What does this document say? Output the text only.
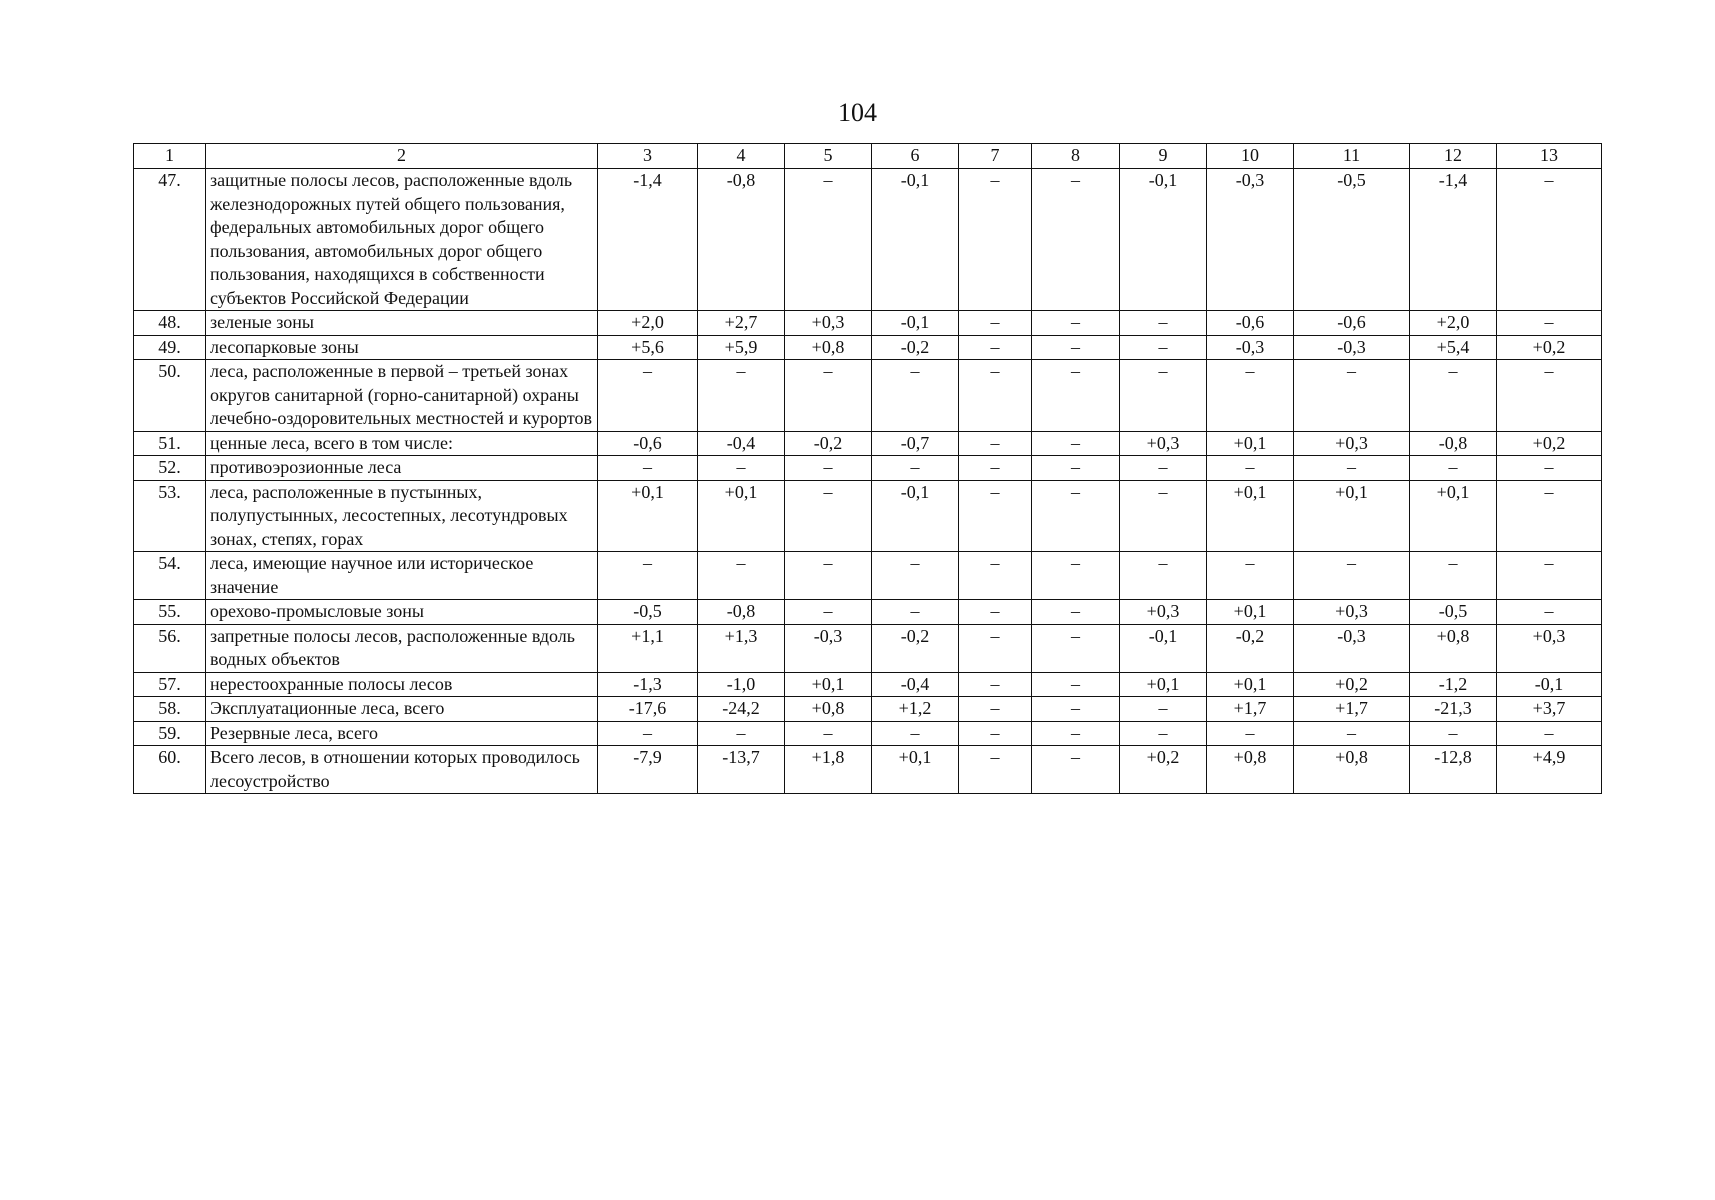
104
1	2	3	4	5	6	7	8	9	10	11	12	13
47.	защитные полосы лесов, расположенные вдоль железнодорожных путей общего пользования, федеральных автомобильных дорог общего пользования, автомобильных дорог общего пользования, находящихся в собственности субъектов Российской Федерации	-1,4	-0,8	–	-0,1	–	–	-0,1	-0,3	-0,5	-1,4	–
48.	зеленые зоны	+2,0	+2,7	+0,3	-0,1	–	–	–	-0,6	-0,6	+2,0	–
49.	лесопарковые зоны	+5,6	+5,9	+0,8	-0,2	–	–	–	-0,3	-0,3	+5,4	+0,2
50.	леса, расположенные в первой – третьей зонах округов санитарной (горно-санитарной) охраны лечебно-оздоровительных местностей и курортов	–	–	–	–	–	–	–	–	–	–	–
51.	ценные леса, всего в том числе:	-0,6	-0,4	-0,2	-0,7	–	–	+0,3	+0,1	+0,3	-0,8	+0,2
52.	противоэрозионные леса	–	–	–	–	–	–	–	–	–	–	–
53.	леса, расположенные в пустынных, полупустынных, лесостепных, лесотундровых зонах, степях, горах	+0,1	+0,1	–	-0,1	–	–	–	+0,1	+0,1	+0,1	–
54.	леса, имеющие научное или историческое значение	–	–	–	–	–	–	–	–	–	–	–
55.	орехово-промысловые зоны	-0,5	-0,8	–	–	–	–	+0,3	+0,1	+0,3	-0,5	–
56.	запретные полосы лесов, расположенные вдоль водных объектов	+1,1	+1,3	-0,3	-0,2	–	–	-0,1	-0,2	-0,3	+0,8	+0,3
57.	нерестоохранные полосы лесов	-1,3	-1,0	+0,1	-0,4	–	–	+0,1	+0,1	+0,2	-1,2	-0,1
58.	Эксплуатационные леса, всего	-17,6	-24,2	+0,8	+1,2	–	–	–	+1,7	+1,7	-21,3	+3,7
59.	Резервные леса, всего	–	–	–	–	–	–	–	–	–	–	–
60.	Всего лесов, в отношении которых проводилось лесоустройство	-7,9	-13,7	+1,8	+0,1	–	–	+0,2	+0,8	+0,8	-12,8	+4,9
